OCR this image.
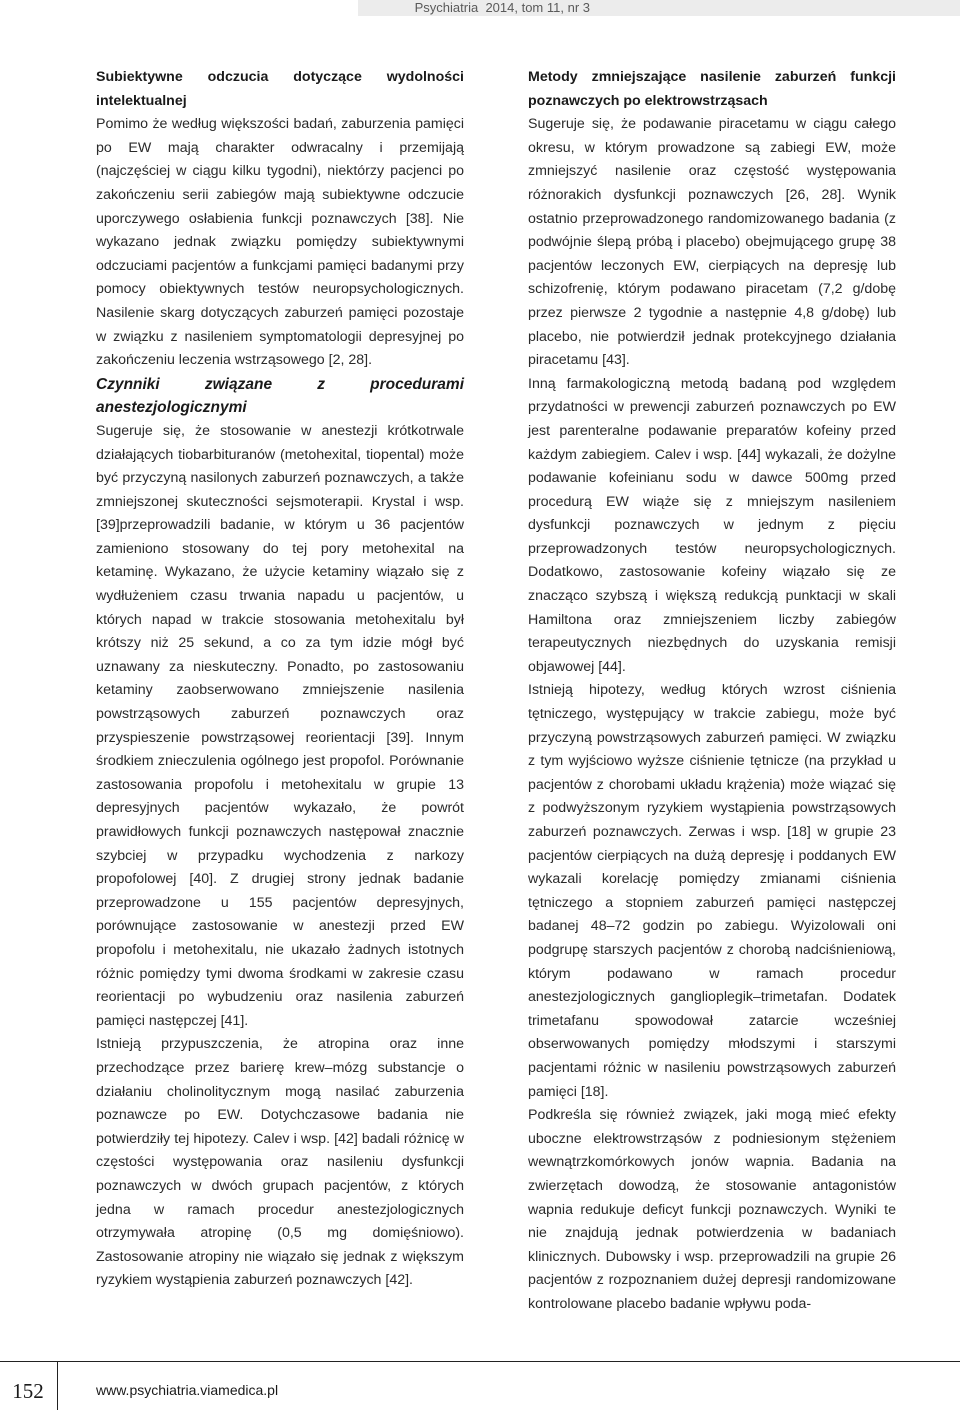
Psychiatria  2014, tom 11, nr 3

Subiektywne odczucia dotyczące wydolności intelektualnej

Pomimo że według większości badań, zaburzenia pamięci po EW mają charakter odwracalny i przemijają (najczęściej w ciągu kilku tygodni), niektórzy pacjenci po zakończeniu serii zabiegów mają subiektywne odczucie uporczywego osłabienia funkcji poznawczych [38]. Nie wykazano jednak związku pomiędzy subiektywnymi odczuciami pacjentów a funkcjami pamięci badanymi przy pomocy obiektywnych testów neuropsychologicznych. Nasilenie skarg dotyczących zaburzeń pamięci pozostaje w związku z nasileniem symptomatologii depresyjnej po zakończeniu leczenia wstrząsowego [2, 28].

Czynniki związane z procedurami anestezjologicznymi

Sugeruje się, że stosowanie w anestezji krótkotrwale działających tiobarbituranów (metohexital, tiopental) może być przyczyną nasilonych zaburzeń poznawczych, a także zmniejszonej skuteczności sejsmoterapii. Krystal i wsp. [39]przeprowadzili badanie, w którym u 36 pacjentów zamieniono stosowany do tej pory metohexital na ketaminę. Wykazano, że użycie ketaminy wiązało się z wydłużeniem czasu trwania napadu u pacjentów, u których napad w trakcie stosowania metohexitalu był krótszy niż 25 sekund, a co za tym idzie mógł być uznawany za nieskuteczny. Ponadto, po zastosowaniu ketaminy zaobserwowano zmniejszenie nasilenia powstrząsowych zaburzeń poznawczych oraz przyspieszenie powstrząsowej reorientacji [39]. Innym środkiem znieczulenia ogólnego jest propofol. Porównanie zastosowania propofolu i metohexitalu w grupie 13 depresyjnych pacjentów wykazało, że powrót prawidłowych funkcji poznawczych następował znacznie szybciej w przypadku wychodzenia z narkozy propofolowej [40]. Z drugiej strony jednak badanie przeprowadzone u 155 pacjentów depresyjnych, porównujące zastosowanie w anestezji przed EW propofolu i metohexitalu, nie ukazało żadnych istotnych różnic pomiędzy tymi dwoma środkami w zakresie czasu reorientacji po wybudzeniu oraz nasilenia zaburzeń pamięci następczej [41].

Istnieją przypuszczenia, że atropina oraz inne przechodzące przez barierę krew–mózg substancje o działaniu cholinolitycznym mogą nasilać zaburzenia poznawcze po EW. Dotychczasowe badania nie potwierdziły tej hipotezy. Calev i wsp. [42] badali różnicę w częstości występowania oraz nasileniu dysfunkcji poznawczych w dwóch grupach pacjentów, z których jedna w ramach procedur anestezjologicznych otrzymywała atropinę (0,5 mg domięśniowo). Zastosowanie atropiny nie wiązało się jednak z większym ryzykiem wystąpienia zaburzeń poznawczych [42].

Metody zmniejszające nasilenie zaburzeń funkcji poznawczych po elektrowstrząsach

Sugeruje się, że podawanie piracetamu w ciągu całego okresu, w którym prowadzone są zabiegi EW, może zmniejszyć nasilenie oraz częstość występowania różnorakich dysfunkcji poznawczych [26, 28]. Wynik ostatnio przeprowadzonego randomizowanego badania (z podwójnie ślepą próbą i placebo) obejmującego grupę 38 pacjentów leczonych EW, cierpiących na depresję lub schizofrenię, którym podawano piracetam (7,2 g/dobę przez pierwsze 2 tygodnie a następnie 4,8 g/dobę) lub placebo, nie potwierdził jednak protekcyjnego działania piracetamu [43].

Inną farmakologiczną metodą badaną pod względem przydatności w prewencji zaburzeń poznawczych po EW jest parenteralne podawanie preparatów kofeiny przed każdym zabiegiem. Calev i wsp. [44] wykazali, że dożylne podawanie kofeinianu sodu w dawce 500mg przed procedurą EW wiąże się z mniejszym nasileniem dysfunkcji poznawczych w jednym z pięciu przeprowadzonych testów neuropsychologicznych. Dodatkowo, zastosowanie kofeiny wiązało się ze znacząco szybszą i większą redukcją punktacji w skali Hamiltona oraz zmniejszeniem liczby zabiegów terapeutycznych niezbędnych do uzyskania remisji objawowej [44].

Istnieją hipotezy, według których wzrost ciśnienia tętniczego, występujący w trakcie zabiegu, może być przyczyną powstrząsowych zaburzeń pamięci. W związku z tym wyjściowo wyższe ciśnienie tętnicze (na przykład u pacjentów z chorobami układu krążenia) może wiązać się z podwyższonym ryzykiem wystąpienia powstrząsowych zaburzeń poznawczych. Zerwas i wsp. [18] w grupie 23 pacjentów cierpiących na dużą depresję i poddanych EW wykazali korelację pomiędzy zmianami ciśnienia tętniczego a stopniem zaburzeń pamięci następczej badanej 48–72 godzin po zabiegu. Wyizolowali oni podgrupę starszych pacjentów z chorobą nadciśnieniową, którym podawano w ramach procedur anestezjologicznych ganglioplegik–trimetafan. Dodatek trimetafanu spowodował zatarcie wcześniej obserwowanych pomiędzy młodszymi i starszymi pacjentami różnic w nasileniu powstrząsowych zaburzeń pamięci [18].

Podkreśla się również związek, jaki mogą mieć efekty uboczne elektrowstrząsów z podniesionym stężeniem wewnątrzkomórkowych jonów wapnia. Badania na zwierzętach dowodzą, że stosowanie antagonistów wapnia redukuje deficyt funkcji poznawczych. Wyniki te nie znajdują jednak potwierdzenia w badaniach klinicznych. Dubowsky i wsp. przeprowadzili na grupie 26 pacjentów z rozpoznaniem dużej depresji randomizowane kontrolowane placebo badanie wpływu poda-

152	www.psychiatria.viamedica.pl
